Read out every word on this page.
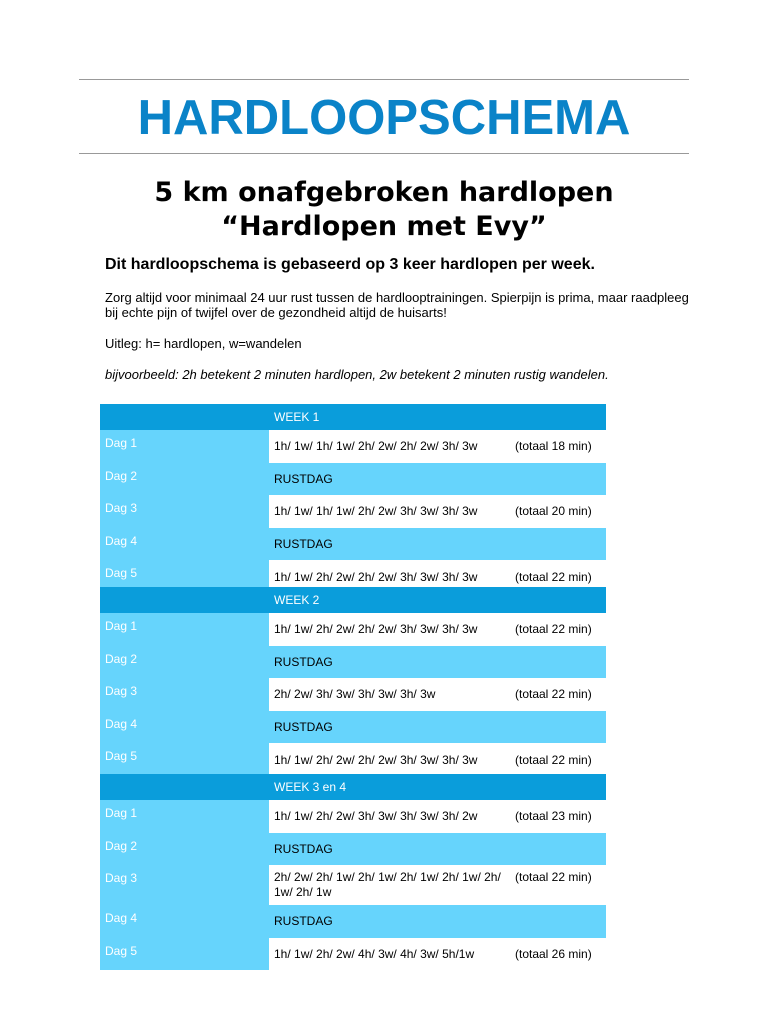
HARDLOOPSCHEMA
5 km onafgebroken hardlopen
“Hardlopen met Evy”
Dit hardloopschema is gebaseerd op 3 keer hardlopen per week.
Zorg altijd voor minimaal 24 uur rust tussen de hardlooptrainingen. Spierpijn is prima, maar raadpleeg
bij echte pijn of twijfel over de gezondheid altijd de huisarts!
Uitleg: h= hardlopen, w=wandelen
bijvoorbeeld: 2h betekent 2 minuten hardlopen, 2w betekent 2 minuten rustig wandelen.
	WEEK 1	
Dag 1	1h/ 1w/ 1h/ 1w/ 2h/ 2w/ 2h/ 2w/ 3h/ 3w	(totaal 18 min)
Dag 2	RUSTDAG	
Dag 3	1h/ 1w/ 1h/ 1w/ 2h/ 2w/ 3h/ 3w/ 3h/ 3w	(totaal 20 min)
Dag 4	RUSTDAG	
Dag 5	1h/ 1w/ 2h/ 2w/ 2h/ 2w/ 3h/ 3w/ 3h/ 3w	(totaal 22 min)
	WEEK 2	
Dag 1	1h/ 1w/ 2h/ 2w/ 2h/ 2w/ 3h/ 3w/ 3h/ 3w	(totaal 22 min)
Dag 2	RUSTDAG	
Dag 3	2h/ 2w/ 3h/ 3w/ 3h/ 3w/ 3h/ 3w	(totaal 22 min)
Dag 4	RUSTDAG	
Dag 5	1h/ 1w/ 2h/ 2w/ 2h/ 2w/ 3h/ 3w/ 3h/ 3w	(totaal 22 min)
	WEEK 3 en 4	
Dag 1	1h/ 1w/ 2h/ 2w/ 3h/ 3w/ 3h/ 3w/ 3h/ 2w	(totaal 23 min)
Dag 2	RUSTDAG	
Dag 3	2h/ 2w/ 2h/ 1w/ 2h/ 1w/ 2h/ 1w/ 2h/ 1w/ 2h/ 1w/ 2h/ 1w	(totaal 22 min)
Dag 4	RUSTDAG	
Dag 5	1h/ 1w/ 2h/ 2w/ 4h/ 3w/ 4h/ 3w/ 5h/1w	(totaal 26 min)
